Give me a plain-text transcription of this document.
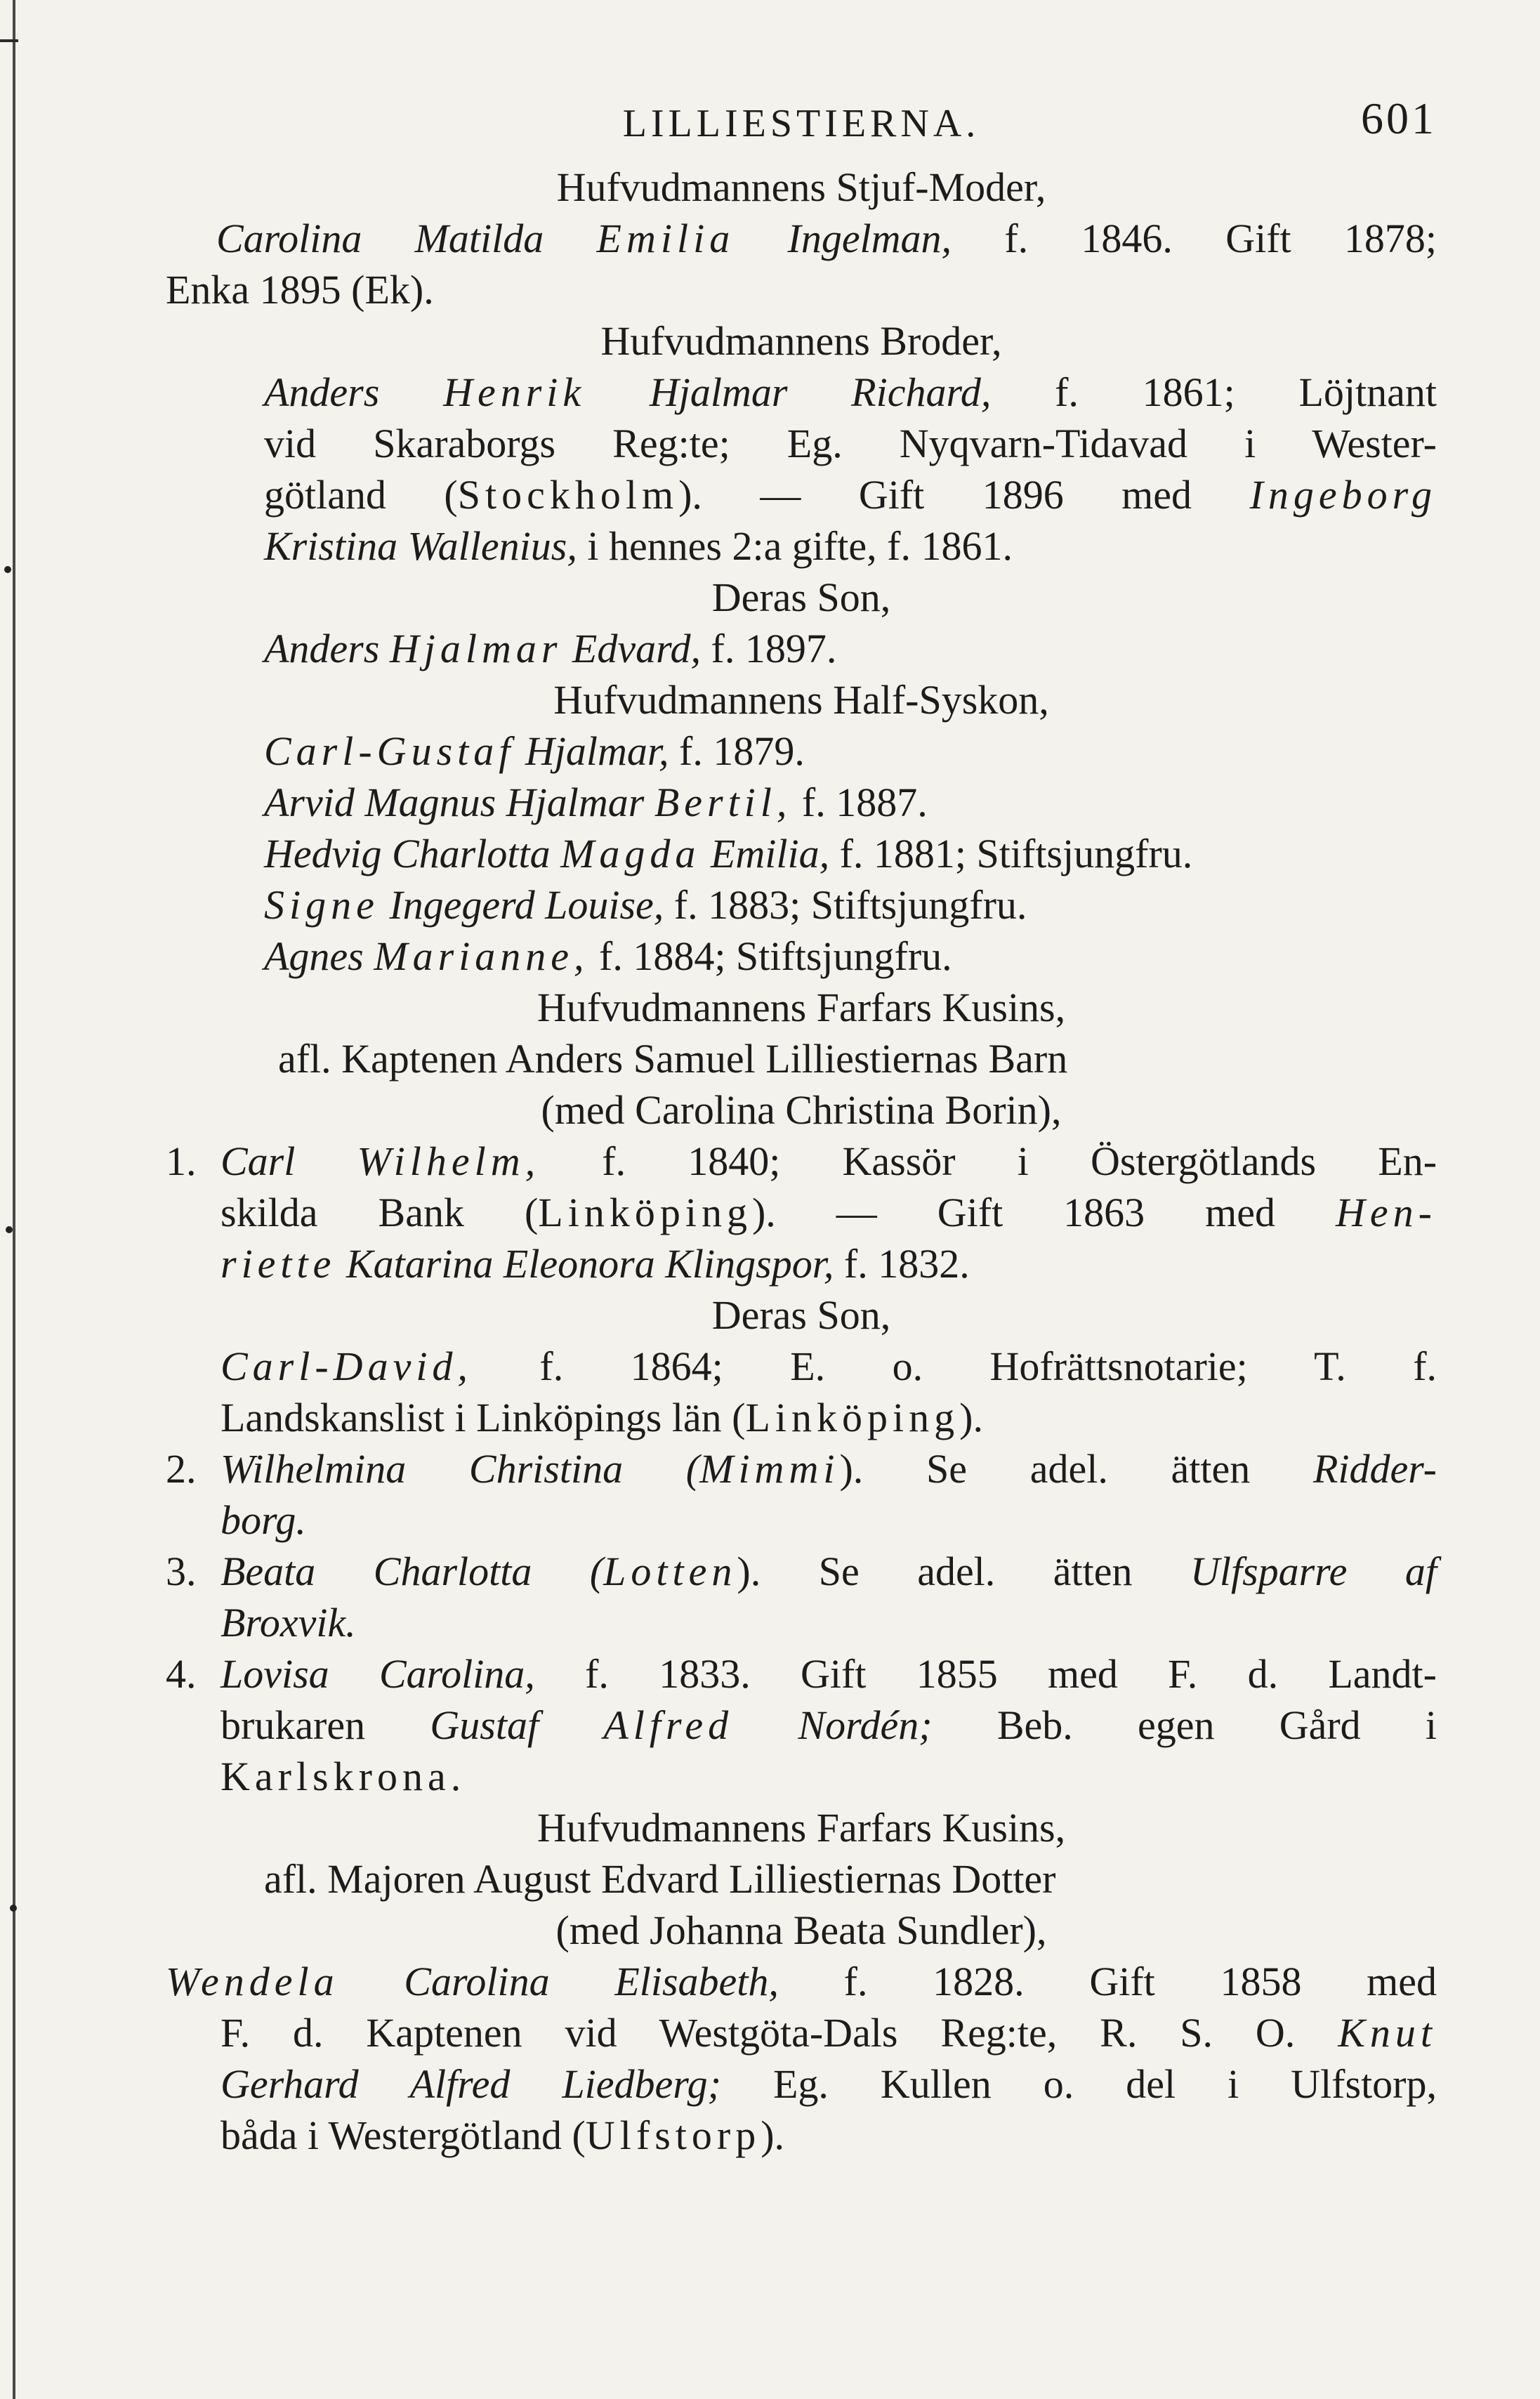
LILLIESTIERNA.	601
Hufvudmannens Stjuf-Moder,
Carolina Matilda Emilia Ingelman, f. 1846. Gift 1878;
Enka 1895 (Ek).
Hufvudmannens Broder,
Anders Henrik Hjalmar Richard, f. 1861; Löjtnant
vid Skaraborgs Reg:te; Eg. Nyqvarn-Tidavad i Wester-
götland (Stockholm). — Gift 1896 med Ingeborg
Kristina Wallenius, i hennes 2:a gifte, f. 1861.
Deras Son,
Anders Hjalmar Edvard, f. 1897.
Hufvudmannens Half-Syskon,
Carl-Gustaf Hjalmar, f. 1879.
Arvid Magnus Hjalmar Bertil, f. 1887.
Hedvig Charlotta Magda Emilia, f. 1881; Stiftsjungfru.
Signe Ingegerd Louise, f. 1883; Stiftsjungfru.
Agnes Marianne, f. 1884; Stiftsjungfru.
Hufvudmannens Farfars Kusins,
afl. Kaptenen Anders Samuel Lilliestiernas Barn
(med Carolina Christina Borin),
1. Carl Wilhelm, f. 1840; Kassör i Östergötlands En-
skilda Bank (Linköping). — Gift 1863 med Hen-
riette Katarina Eleonora Klingspor, f. 1832.
Deras Son,
Carl-David, f. 1864; E. o. Hofrättsnotarie; T. f.
Landskanslist i Linköpings län (Linköping).
2. Wilhelmina Christina (Mimmi). Se adel. ätten Ridder-
borg.
3. Beata Charlotta (Lotten). Se adel. ätten Ulfsparre af
Broxvik.
4. Lovisa Carolina, f. 1833. Gift 1855 med F. d. Landt-
brukaren Gustaf Alfred Nordén; Beb. egen Gård i
Karlskrona.
Hufvudmannens Farfars Kusins,
afl. Majoren August Edvard Lilliestiernas Dotter
(med Johanna Beata Sundler),
Wendela Carolina Elisabeth, f. 1828. Gift 1858 med
F. d. Kaptenen vid Westgöta-Dals Reg:te, R. S. O. Knut
Gerhard Alfred Liedberg; Eg. Kullen o. del i Ulfstorp,
båda i Westergötland (Ulfstorp).
